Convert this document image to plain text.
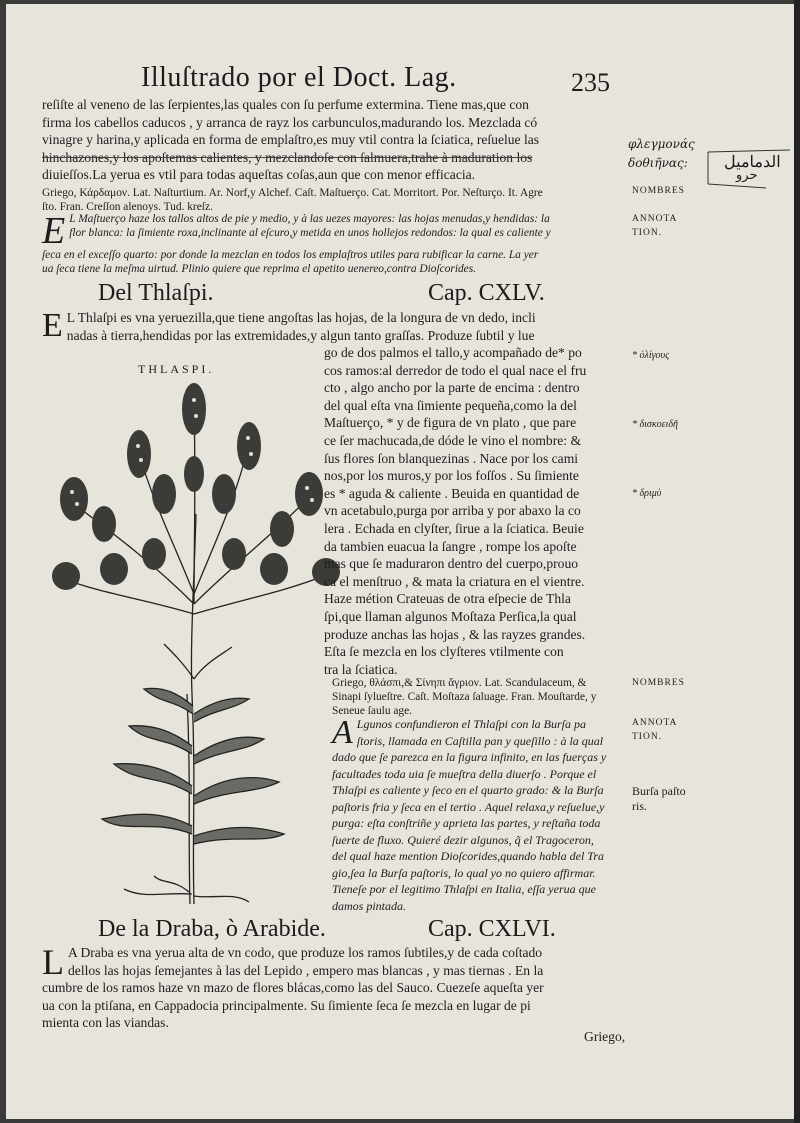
Illuſtrado por el Doct. Lag.	235
reſiſte al veneno de las ſerpientes,las quales con ſu perfume extermina. Tiene mas,que con
firma los cabellos caducos , y arranca de rayz los carbunculos,madurando los. Mezclada có
vinagre y harina,y aplicada en forma de emplaſtro,es muy vtil contra la ſciatica, reſuelue las
hinchazones,y los apoſtemas calientes, y mezclandoſe con ſalmuera,trahe à maduration los
diuieſſos.La yerua es vtil para todas aqueſtas coſas,aun que con menor efficacia.
φλεγμονάς
δοθιῆνας: الدماميل
حرو
Griego, Κάρδαμον. Lat. Naſturtium. Ar. Norf,y Alchef. Caſt. Maſtuerço. Cat. Morritort. Por. Neſturço. It. Agre
ſto. Fran. Creſſon alenoys. Tud. kreſz.
NOMBRES
E L Maſtuerço haze los tallos altos de pie y medio, y à las uezes mayores: las hojas menudas,y hendidas: la
flor blanca: la ſimiente roxa,inclinante al eſcuro,y metida en unos hollejos redondos: la qual es caliente y
ſeca en el exceſſo quarto: por donde la mezclan en todos los emplaſtros utiles para rubificar la carne. La yer
ua ſeca tiene la meſma uirtud. Plinio quiere que reprima el apetito uenereo,contra Dioſcorides.
ANNOTA
TION.
Del Thlaſpi.	Cap. CXLV.
E L Thlaſpi es vna yeruezilla,que tiene angoſtas las hojas, de la longura de vn dedo, incli
nadas à tierra,hendidas por las extremidades,y algun tanto graſſas. Produze ſubtil y lue
THLASPI.
go de dos palmos el tallo,y acompañado de* po
cos ramos:al derredor de todo el qual nace el fru
cto , algo ancho por la parte de encima : dentro
del qual eſta vna ſimiente pequeña,como la del
Maſtuerço, * y de figura de vn plato , que pare
ce ſer machucada,de dóde le vino el nombre: &
ſus flores ſon blanquezinas . Nace por los cami
nos,por los muros,y por los foſſos . Su ſimiente
es * aguda & caliente . Beuida en quantidad de
vn acetabulo,purga por arriba y por abaxo la co
lera . Echada en clyſter, ſirue a la ſciatica. Beuie
da tambien euacua la ſangre , rompe los apoſte
mas que ſe maduraron dentro del cuerpo,prouo
ca el menſtruo , & mata la criatura en el vientre.
Haze métion Crateuas de otra eſpecie de Thla
ſpi,que llaman algunos Moſtaza Perſica,la qual
produze anchas las hojas , & las rayzes grandes.
Eſta ſe mezcla en los clyſteres vtilmente con
tra la ſciatica.
* ὀλίγους
* δισκοειδῆ
* δριμὺ
Griego, θλάσπι,& Σίνηπι ἄγριον. Lat. Scandulaceum, &
Sinapi ſylueſtre. Caſt. Moſtaza ſaluage. Fran. Mouſtarde, y
Seneue ſaulu age.
NOMBRES
A Lgunos confundieron el Thlaſpi con la Burſa pa
ſtoris, llamada en Caſtilla pan y queſillo : à la qual
dado que ſe parezca en la figura infinito, en las fuerças y
facultades toda uia ſe mueſtra della diuerſo . Porque el
Thlaſpi es caliente y ſeco en el quarto grado: & la Burſa
paſtoris fria y ſeca en el tertio . Aquel relaxa,y reſuelue,y
purga: eſta conſtriñe y aprieta las partes, y reſtaña toda
ſuerte de fluxo. Quieré dezir algunos, q̃ el Tragoceron,
del qual haze mention Dioſcorides,quando habla del Tra
gio,ſea la Burſa paſtoris, lo qual yo no quiero affirmar.
Tieneſe por el legitimo Thlaſpi en Italia, eſſa yerua que
damos pintada.
ANNOTA
TION.
Burſa paſto
ris.
De la Draba, ò Arabide.	Cap. CXLVI.
L A Draba es vna yerua alta de vn codo, que produze los ramos ſubtiles,y de cada coſtado
dellos las hojas ſemejantes à las del Lepido , empero mas blancas , y mas tiernas . En la
cumbre de los ramos haze vn mazo de flores blácas,como las del Sauco. Cuezeſe aqueſta yer
ua con la ptiſana, en Cappadocia principalmente. Su ſimiente ſeca ſe mezcla en lugar de pi
mienta con las viandas.
Griego,
